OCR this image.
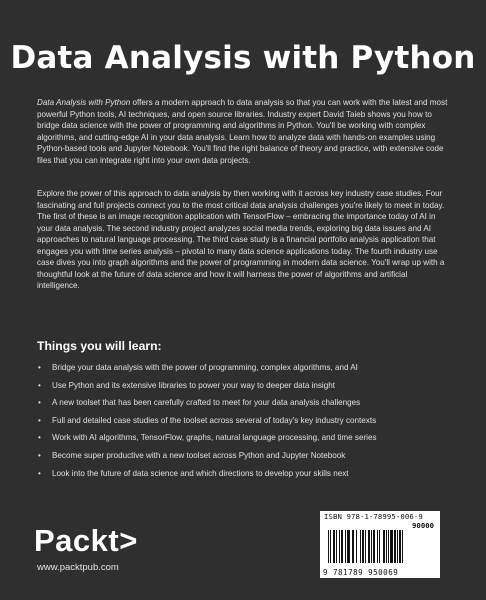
Data Analysis with Python

Data Analysis with Python offers a modern approach to data analysis so that you can work with the latest and most powerful Python tools, AI techniques, and open source libraries. Industry expert David Taieb shows you how to bridge data science with the power of programming and algorithms in Python. You'll be working with complex algorithms, and cutting-edge AI in your data analysis. Learn how to analyze data with hands-on examples using Python-based tools and Jupyter Notebook. You'll find the right balance of theory and practice, with extensive code files that you can integrate right into your own data projects.

Explore the power of this approach to data analysis by then working with it across key industry case studies. Four fascinating and full projects connect you to the most critical data analysis challenges you're likely to meet in today. The first of these is an image recognition application with TensorFlow – embracing the importance today of AI in your data analysis. The second industry project analyzes social media trends, exploring big data issues and AI approaches to natural language processing. The third case study is a financial portfolio analysis application that engages you with time series analysis – pivotal to many data science applications today. The fourth industry use case dives you into graph algorithms and the power of programming in modern data science. You'll wrap up with a thoughtful look at the future of data science and how it will harness the power of algorithms and artificial intelligence.

Things you will learn:
• Bridge your data analysis with the power of programming, complex algorithms, and AI
• Use Python and its extensive libraries to power your way to deeper data insight
• A new toolset that has been carefully crafted to meet for your data analysis challenges
• Full and detailed case studies of the toolset across several of today's key industry contexts
• Work with AI algorithms, TensorFlow, graphs, natural language processing, and time series
• Become super productive with a new toolset across Python and Jupyter Notebook
• Look into the future of data science and which directions to develop your skills next
Packt>
www.packtpub.com
ISBN 978-1-78995-006-9
90000
9 781789 950069
